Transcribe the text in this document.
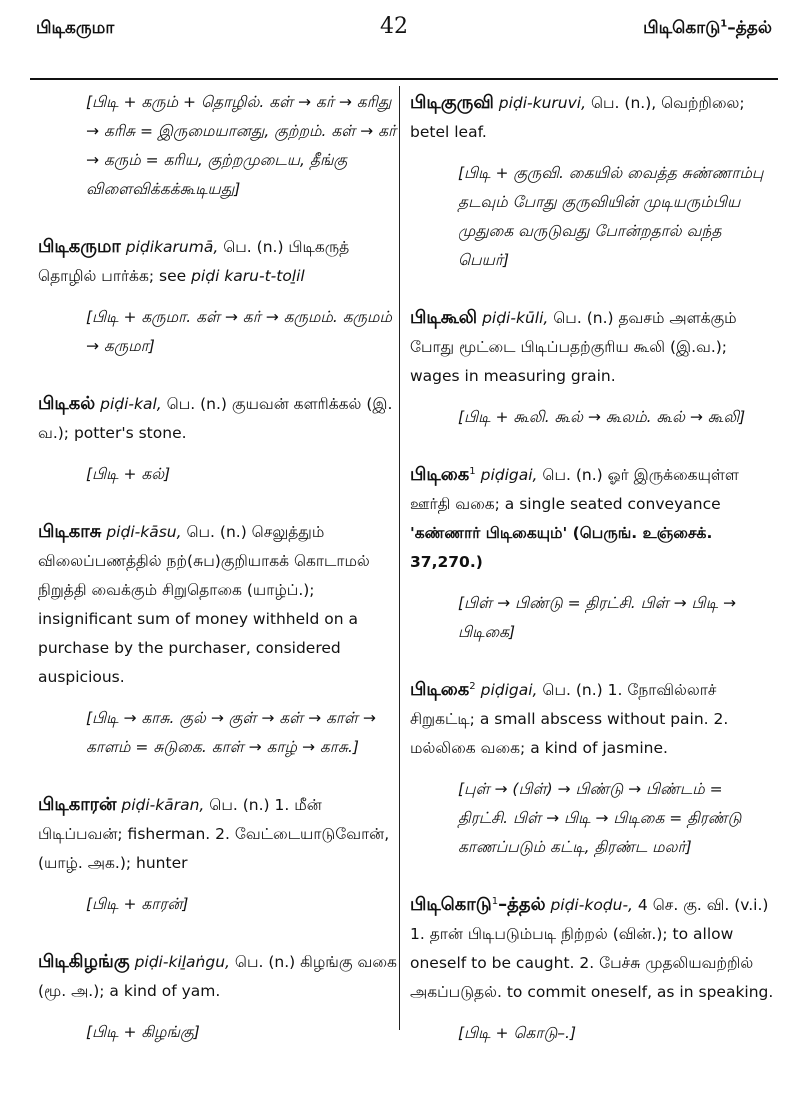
பிடிகருமா	42	பிடிகொடு$^1$–த்தல்

[பிடி + கரும் + தொழில். கள் → கர் → கரிது → கரிசு = இருமையானது, குற்றம். கள் → கர் → கரும் = கரிய, குற்றமுடைய, தீங்கு விளைவிக்கக்கூடியது]

பிடிகருமா piḍikarumā, பெ. (n.) பிடிகருத் தொழில் பார்க்க; see piḍi karu-t-toḻil

[பிடி + கருமா. கள் → கர் → கருமம். கருமம் → கருமா]

பிடிகல் piḍi-kal, பெ. (n.) குயவன் களரிக்கல் (இ. வ.); potter's stone.

[பிடி + கல்]

பிடிகாசு piḍi-kāsu, பெ. (n.) செலுத்தும் விலைப்பணத்தில் நற்(சுப)குறியாகக் கொடாமல் நிறுத்தி வைக்கும் சிறுதொகை (யாழ்ப்.); insignificant sum of money withheld on a purchase by the purchaser, considered auspicious.

[பிடி → காசு. குல் → குள் → கள் → காள் → காளம் = சுடுகை. காள் → காழ் → காசு.]

பிடிகாரன் piḍi-kāran, பெ. (n.) 1. மீன் பிடிப்பவன்; fisherman. 2. வேட்டையாடுவோன், (யாழ். அக.); hunter

[பிடி + காரன்]

பிடிகிழங்கு piḍi-kiḻaṅgu, பெ. (n.) கிழங்கு வகை (மூ. அ.); a kind of yam.

[பிடி + கிழங்கு]

பிடிகுருவி piḍi-kuruvi, பெ. (n.), வெற்றிலை; betel leaf.

[பிடி + குருவி. கையில் வைத்த சுண்ணாம்பு தடவும் போது குருவியின் முடியரும்பிய முதுகை வருடுவது போன்றதால் வந்த பெயர்]

பிடிகூலி piḍi-kūli, பெ. (n.) தவசம் அளக்கும் போது மூட்டை பிடிப்பதற்குரிய கூலி (இ.வ.); wages in measuring grain.

[பிடி + கூலி. கூல் → கூலம். கூல் → கூலி]

பிடிகை$^1$ piḍigai, பெ. (n.) ஓர் இருக்கையுள்ள ஊர்தி வகை; a single seated conveyance 'கண்ணார் பிடிகையும்' (பெருங். உஞ்சைக். 37,270.)

[பிள் → பிண்டு = திரட்சி. பிள் → பிடி → பிடிகை]

பிடிகை$^2$ piḍigai, பெ. (n.) 1. நோவில்லாச் சிறுகட்டி; a small abscess without pain. 2. மல்லிகை வகை; a kind of jasmine.

[புள் → (பிள்) → பிண்டு → பிண்டம் = திரட்சி. பிள் → பிடி → பிடிகை = திரண்டு காணப்படும் கட்டி, திரண்ட மலர்]

பிடிகொடு$^1$–த்தல் piḍi-koḍu-, 4 செ. கு. வி. (v.i.) 1. தான் பிடிபடும்படி நிற்றல் (வின்.); to allow oneself to be caught. 2. பேச்சு முதலியவற்றில் அகப்படுதல். to commit oneself, as in speaking.

[பிடி + கொடு–.]
